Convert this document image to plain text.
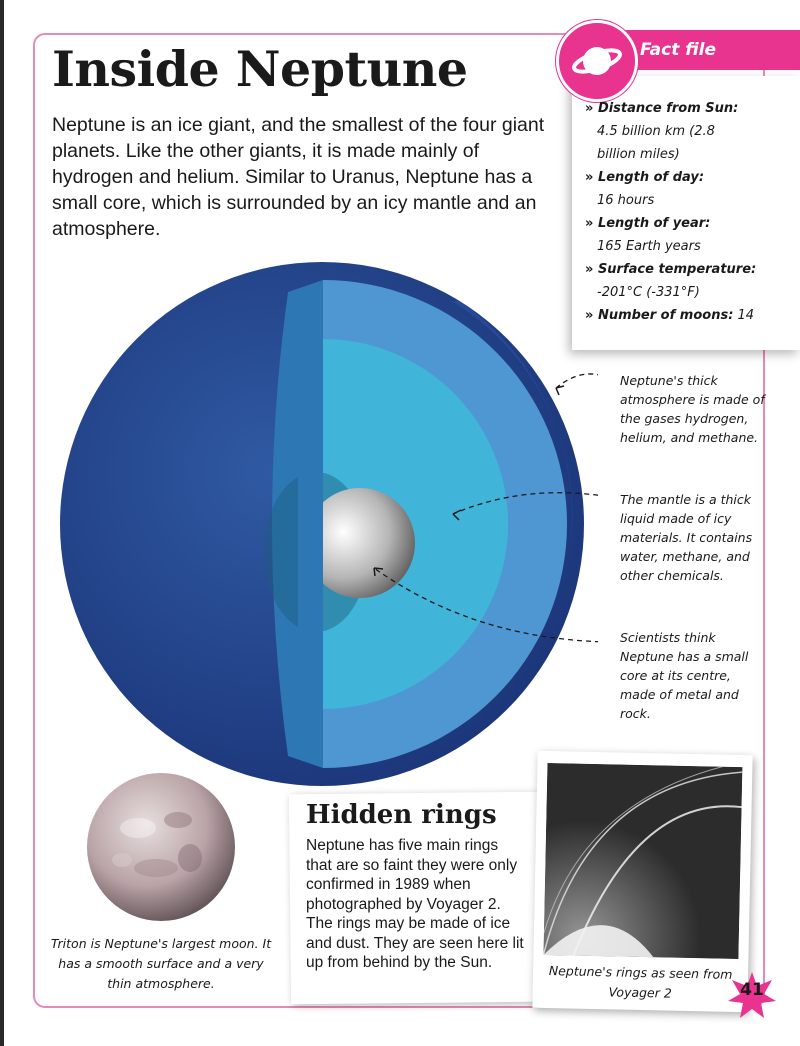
Inside Neptune

Neptune is an ice giant, and the smallest of the four giant planets. Like the other giants, it is made mainly of hydrogen and helium. Similar to Uranus, Neptune has a small core, which is surrounded by an icy mantle and an atmosphere.

Fact file
» Distance from Sun:
4.5 billion km (2.8 billion miles)
» Length of day:
16 hours
» Length of year:
165 Earth years
» Surface temperature:
-201°C (-331°F)
» Number of moons: 14

Neptune's thick atmosphere is made of the gases hydrogen, helium, and methane.

The mantle is a thick liquid made of icy materials. It contains water, methane, and other chemicals.

Scientists think Neptune has a small core at its centre, made of metal and rock.

Triton is Neptune's largest moon. It has a smooth surface and a very thin atmosphere.

Hidden rings

Neptune has five main rings that are so faint they were only confirmed in 1989 when photographed by Voyager 2. The rings may be made of ice and dust. They are seen here lit up from behind by the Sun.

Neptune's rings as seen from Voyager 2	41
